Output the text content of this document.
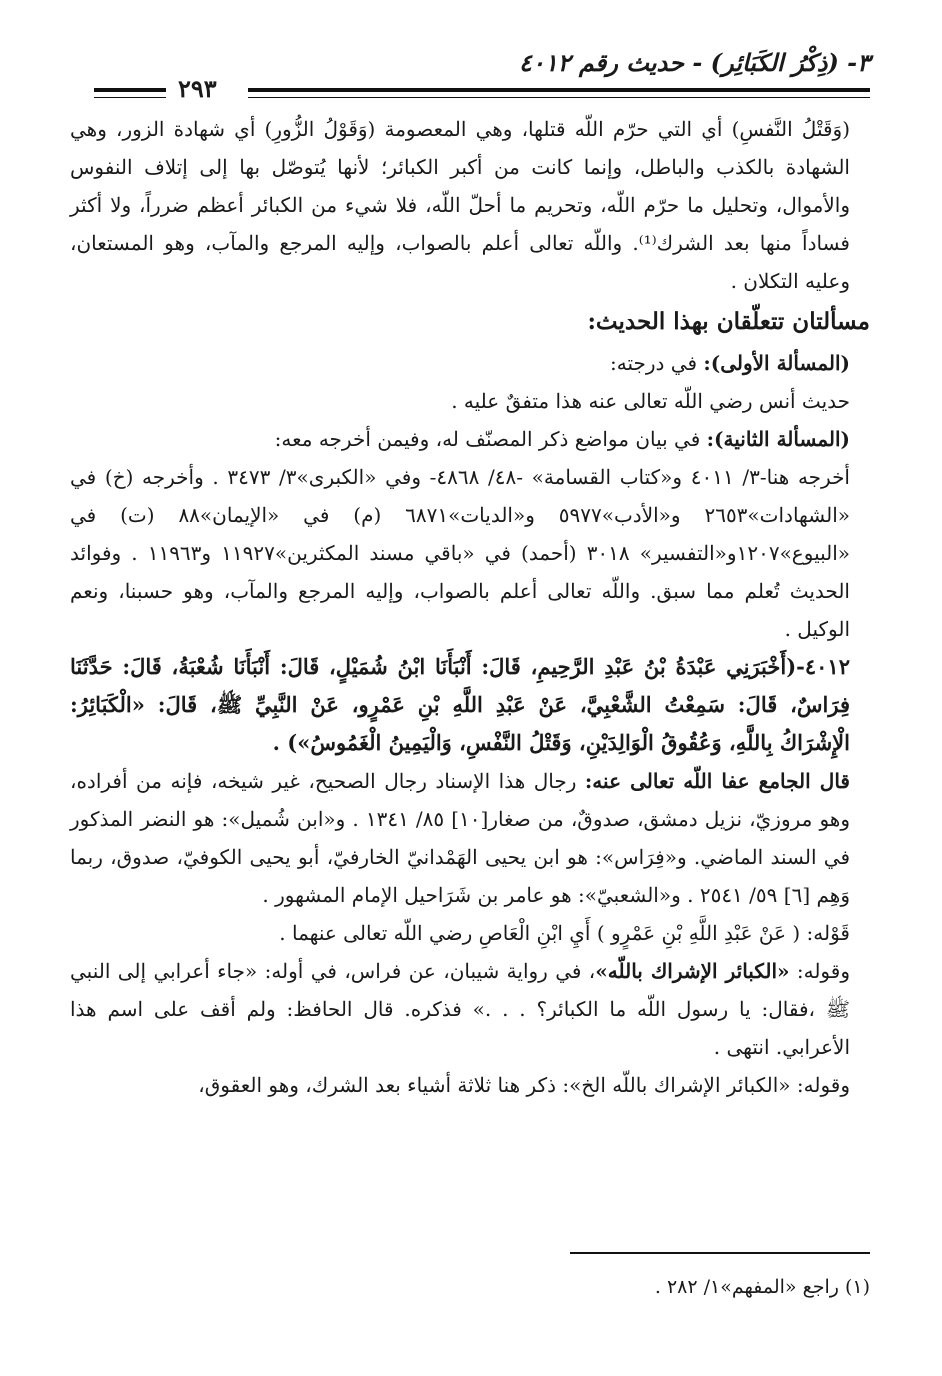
٣- (ذِكْرُ الكَبَائِر) - حديث رقم ٤٠١٢
٢٩٣

(وَقَتْلُ النَّفسِ) أي التي حرّم اللّه قتلها، وهي المعصومة (وَقَوْلُ الزُّورِ) أي شهادة الزور، وهي الشهادة بالكذب والباطل، وإنما كانت من أكبر الكبائر؛ لأنها يُتوصّل بها إلى إتلاف النفوس والأموال، وتحليل ما حرّم اللّه، وتحريم ما أحلّ اللّه، فلا شيء من الكبائر أعظم ضرراً، ولا أكثر فساداً منها بعد الشرك⁽¹⁾. واللّه تعالى أعلم بالصواب، وإليه المرجع والمآب، وهو المستعان، وعليه التكلان .

مسألتان تتعلّقان بهذا الحديث:

(المسألة الأولى): في درجته:

حديث أنس رضي اللّه تعالى عنه هذا متفقٌ عليه .

(المسألة الثانية): في بيان مواضع ذكر المصنّف له، وفيمن أخرجه معه:

أخرجه هنا-٣/ ٤٠١١ و«كتاب القسامة» -٤٨/ ٤٨٦٨- وفي «الكبرى»٣/ ٣٤٧٣ . وأخرجه (خ) في «الشهادات»٢٦٥٣ و«الأدب»٥٩٧٧ و«الديات»٦٨٧١ (م) في «الإيمان»٨٨ (ت) في «البيوع»١٢٠٧و«التفسير» ٣٠١٨ (أحمد) في «باقي مسند المكثرين»١١٩٢٧ و١١٩٦٣ . وفوائد الحديث تُعلم مما سبق. واللّه تعالى أعلم بالصواب، وإليه المرجع والمآب، وهو حسبنا، ونعم الوكيل .

٤٠١٢-(أَخْبَرَنِي عَبْدَةُ بْنُ عَبْدِ الرَّحِيمِ، قَالَ: أَنْبَأَنَا ابْنُ شُمَيْلٍ، قَالَ: أَنْبَأَنَا شُعْبَةُ، قَالَ: حَدَّثَنَا فِرَاسٌ، قَالَ: سَمِعْتُ الشَّعْبِيَّ، عَنْ عَبْدِ اللَّهِ بْنِ عَمْرٍو، عَنْ النَّبِيِّ ﷺ، قَالَ: «الْكَبَائِرُ: الْإِشْرَاكُ بِاللَّهِ، وَعُقُوقُ الْوَالِدَيْنِ، وَقَتْلُ النَّفْسِ، وَالْيَمِينُ الْغَمُوسُ») .

قال الجامع عفا اللّه تعالى عنه: رجال هذا الإسناد رجال الصحيح، غير شيخه، فإنه من أفراده، وهو مروزيّ، نزيل دمشق، صدوقٌ، من صغار[١٠] ٨٥/ ١٣٤١ . و«ابن شُميل»: هو النضر المذكور في السند الماضي. و«فِرَاس»: هو ابن يحيى الهَمْدانيّ الخارفيّ، أبو يحيى الكوفيّ، صدوق، ربما وَهِم [٦] ٥٩/ ٢٥٤١ . و«الشعبيّ»: هو عامر بن شَرَاحيل الإمام المشهور .

قَوْله: ( عَنْ عَبْدِ اللَّهِ بْنِ عَمْرٍو ) أَيِ ابْنِ الْعَاصِ رضي اللّه تعالى عنهما .

وقوله: «الكبائر الإشراك باللّه»، في رواية شيبان، عن فراس، في أوله: «جاء أعرابي إلى النبي ﷺ ،فقال: يا رسول اللّه ما الكبائر؟ . . .» فذكره. قال الحافظ: ولم أقف على اسم هذا الأعرابي. انتهى .

وقوله: «الكبائر الإشراك باللّه الخ»: ذكر هنا ثلاثة أشياء بعد الشرك، وهو العقوق،

(١) راجع «المفهم»١/ ٢٨٢ .
